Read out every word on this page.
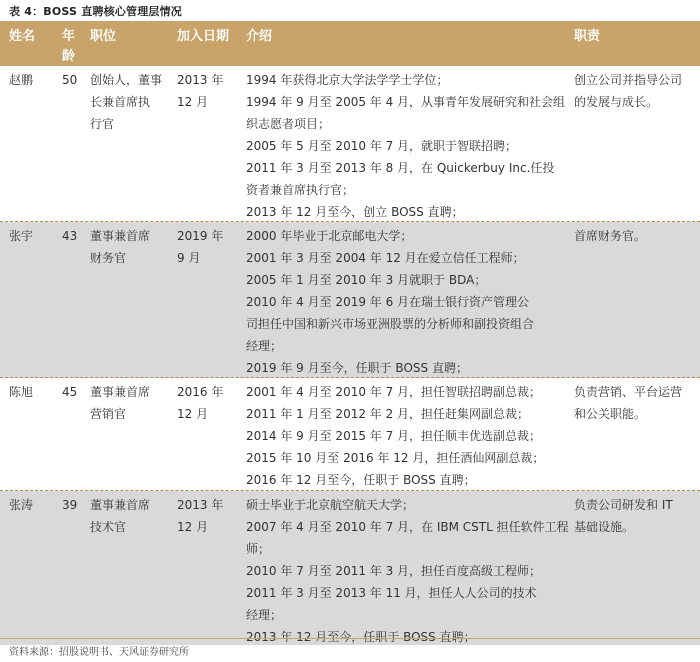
表 4：BOSS 直聘核心管理层情况
姓名 年
龄
职位	加入日期 介绍	职责
赵鹏 50 创始人，董事
长兼首席执
行官
2013 年
12 月
1994 年获得北京大学法学学士学位；
1994 年 9 月至 2005 年 4 月，从事青年发展研究和社会组
织志愿者项目；
2005 年 5 月至 2010 年 7 月，就职于智联招聘；
2011 年 3 月至 2013 年 8 月，在 Quickerbuy Inc.任投
资者兼首席执行官；
2013 年 12 月至今，创立 BOSS 直聘；
创立公司并指导公司
的发展与成长。
张宇 43 董事兼首席
财务官
2019 年
9 月
2000 年毕业于北京邮电大学；
2001 年 3 月至 2004 年 12 月在爱立信任工程师；
2005 年 1 月至 2010 年 3 月就职于 BDA；
2010 年 4 月至 2019 年 6 月在瑞士银行资产管理公
司担任中国和新兴市场亚洲股票的分析师和副投资组合
经理；
2019 年 9 月至今，任职于 BOSS 直聘；
首席财务官。
陈旭 45 董事兼首席
营销官
2016 年
12 月
2001 年 4 月至 2010 年 7 月，担任智联招聘副总裁；
2011 年 1 月至 2012 年 2 月，担任赶集网副总裁；
2014 年 9 月至 2015 年 7 月，担任顺丰优选副总裁；
2015 年 10 月至 2016 年 12 月，担任酒仙网副总裁；
2016 年 12 月至今，任职于 BOSS 直聘；
负责营销、平台运营
和公关职能。
张涛 39 董事兼首席
技术官
2013 年
12 月
硕士毕业于北京航空航天大学；
2007 年 4 月至 2010 年 7 月，在 IBM CSTL 担任软件工程
师；
2010 年 7 月至 2011 年 3 月，担任百度高级工程师；
2011 年 3 月至 2013 年 11 月，担任人人公司的技术
经理；
2013 年 12 月至今，任职于 BOSS 直聘；
负责公司研发和 IT
基础设施。
资料来源：招股说明书、天风证券研究所
